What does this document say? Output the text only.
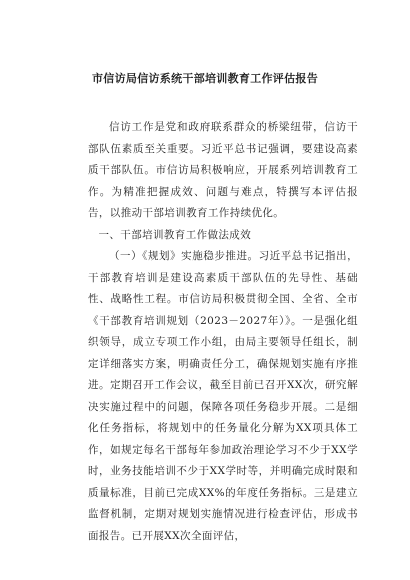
市信访局信访系统干部培训教育工作评估报告

信访工作是党和政府联系群众的桥梁纽带，信访干部队伍素质至关重要。习近平总书记强调，要建设高素质干部队伍。市信访局积极响应，开展系列培训教育工作。为精准把握成效、问题与难点，特撰写本评估报告，以推动干部培训教育工作持续优化。

一、干部培训教育工作做法成效

（一）《规划》实施稳步推进。习近平总书记指出，干部教育培训是建设高素质干部队伍的先导性、基础性、战略性工程。市信访局积极贯彻全国、全省、全市《干部教育培训规划（2023－2027年）》。一是强化组织领导，成立专项工作小组，由局主要领导任组长，制定详细落实方案，明确责任分工，确保规划实施有序推进。定期召开工作会议，截至目前已召开XX次，研究解决实施过程中的问题，保障各项任务稳步开展。二是细化任务指标，将规划中的任务量化分解为XX项具体工作，如规定每名干部每年参加政治理论学习不少于XX学时，业务技能培训不少于XX学时等，并明确完成时限和质量标准，目前已完成XX%的年度任务指标。三是建立监督机制，定期对规划实施情况进行检查评估，形成书面报告。已开展XX次全面评估，
